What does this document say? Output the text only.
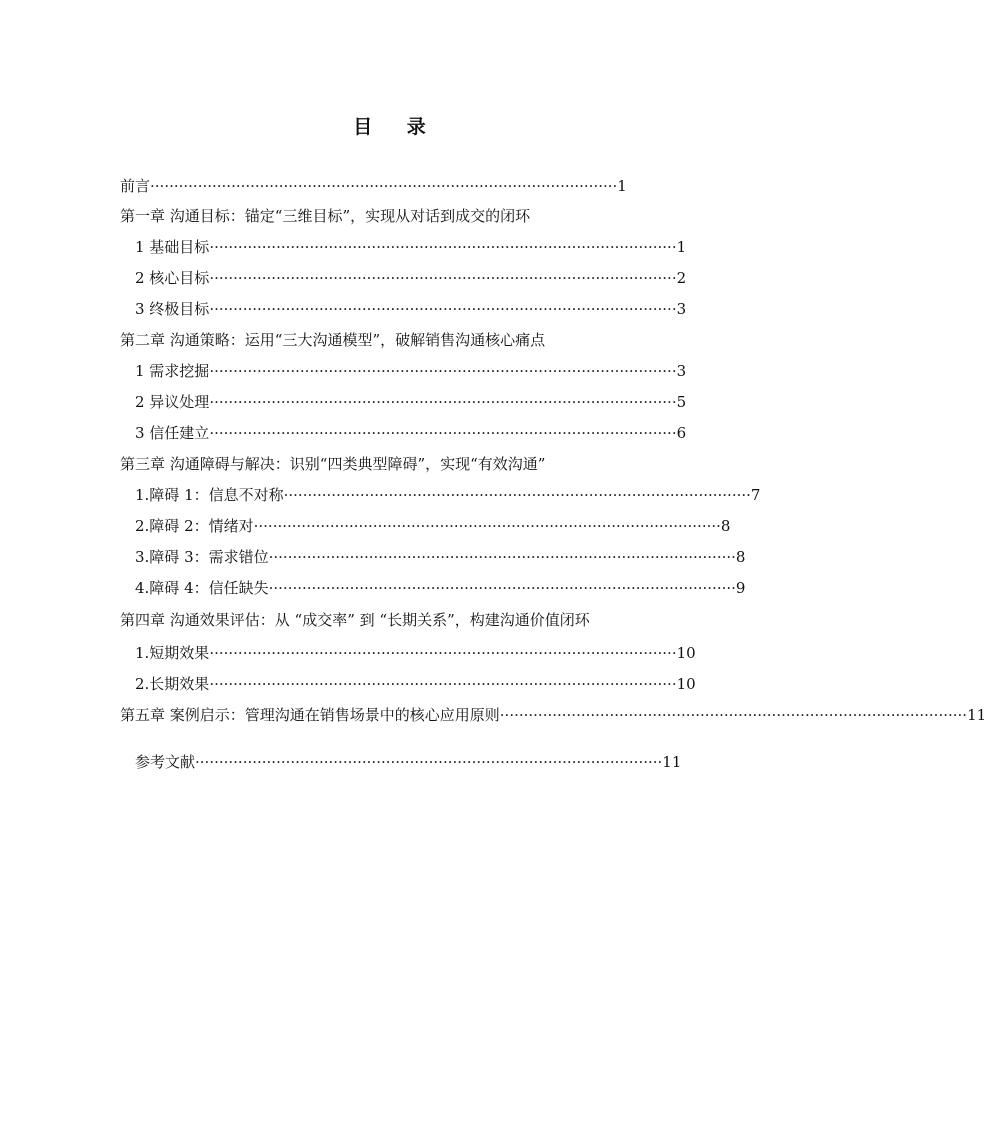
目 录
前言 ·································································································· 1
第一章 沟通目标：锚定“三维目标”，实现从对话到成交的闭环
1 基础目标 ·································································································· 1
2 核心目标 ·································································································· 2
3 终极目标 ·································································································· 3
第二章 沟通策略：运用“三大沟通模型”，破解销售沟通核心痛点
1 需求挖掘 ·································································································· 3
2 异议处理 ·································································································· 5
3 信任建立 ·································································································· 6
第三章 沟通障碍与解决：识别“四类典型障碍”，实现“有效沟通”
1.障碍 1：信息不对称 ·································································································· 7
2.障碍 2：情绪对 ·································································································· 8
3.障碍 3：需求错位 ·································································································· 8
4.障碍 4：信任缺失 ·································································································· 9
第四章 沟通效果评估：从 “成交率” 到 “长期关系”，构建沟通价值闭环
1.短期效果 ·································································································· 10
2.长期效果 ·································································································· 10
第五章 案例启示：管理沟通在销售场景中的核心应用原则 ·································································································· 11
参考文献 ·································································································· 11
